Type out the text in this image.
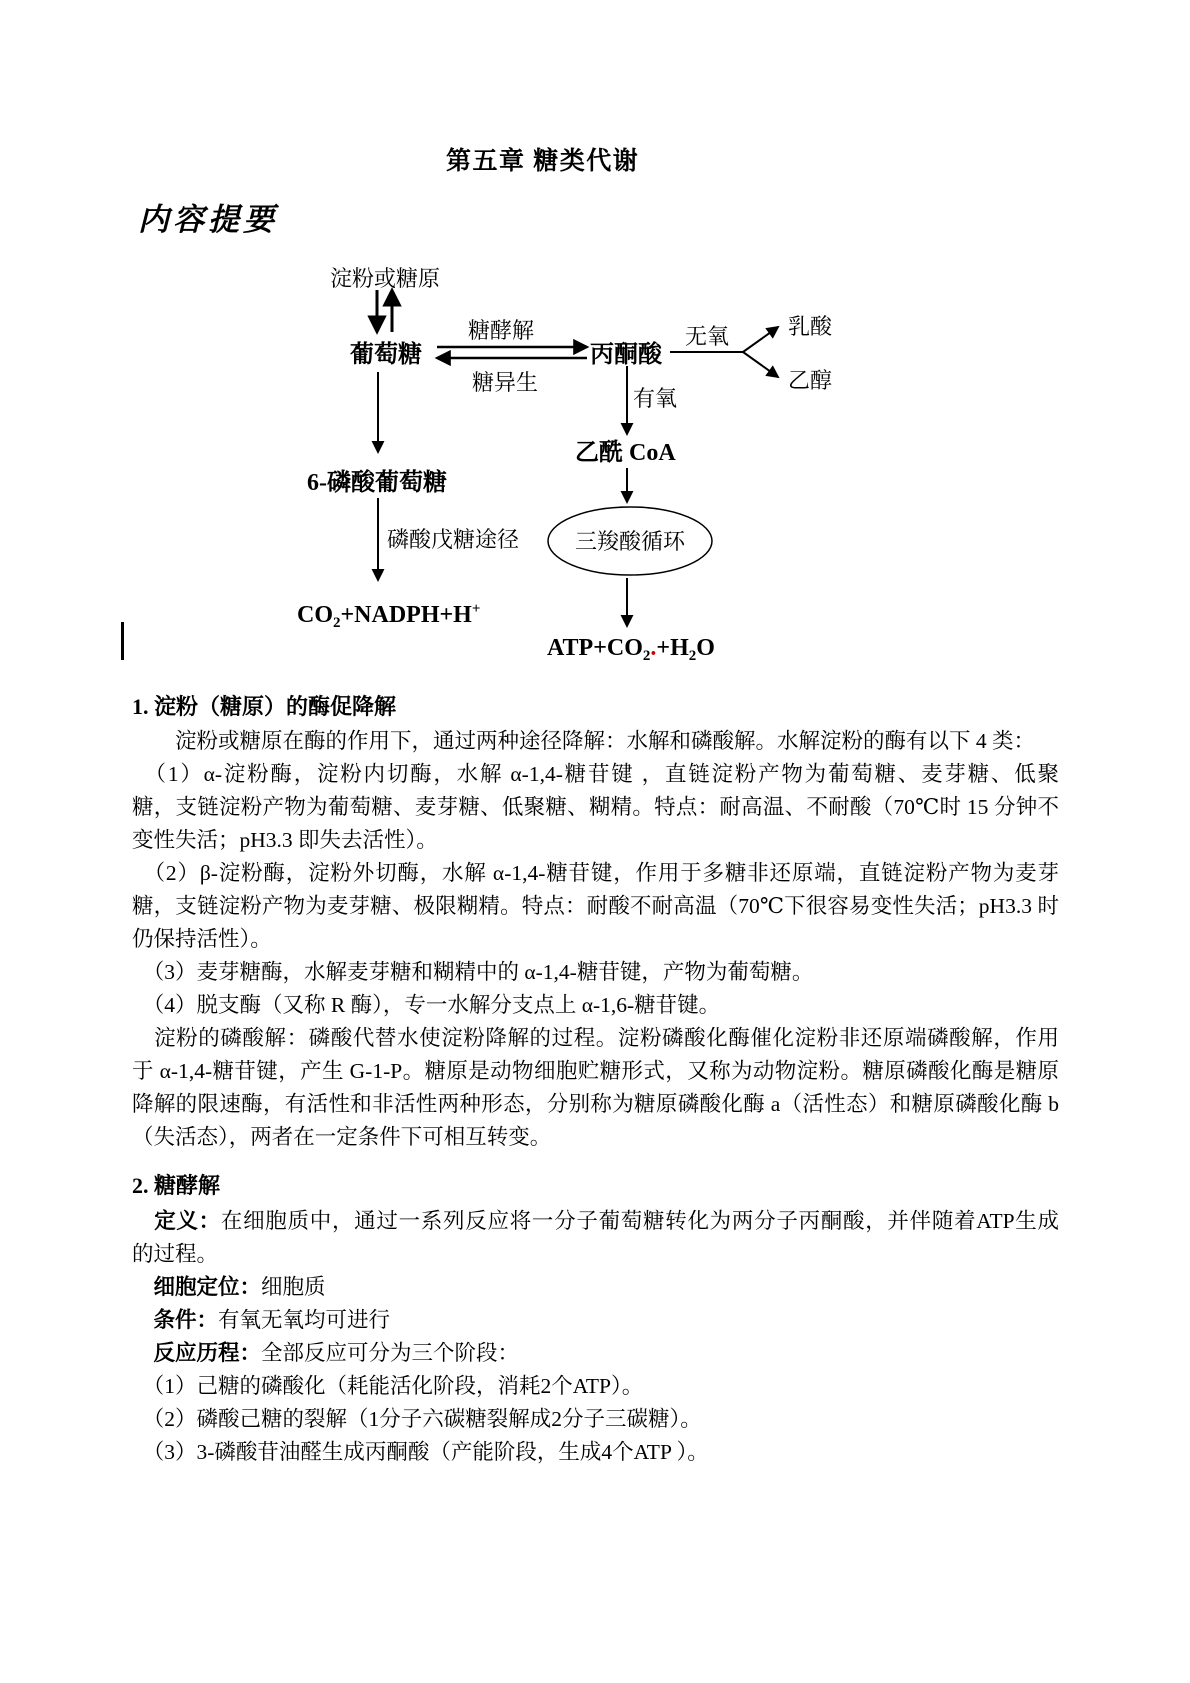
第五章 糖类代谢
内容提要
淀粉或糖原
葡萄糖	丙酮酸
乳酸
乙醇
乙酰 CoA
三羧酸循环
6-磷酸葡萄糖
糖酵解
糖异生
无氧
有氧
磷酸戊糖途径
$CO_2+NADPH+H^+$
$ATP+CO_2.+H_2O$
1. 淀粉（糖原）的酶促降解
　　淀粉或糖原在酶的作用下，通过两种途径降解：水解和磷酸解。水解淀粉的酶有以下 4 类：
　（1）α-淀粉酶，淀粉内切酶，水解 α-1,4-糖苷键 ，直链淀粉产物为葡萄糖、麦芽糖、低聚
糖，支链淀粉产物为葡萄糖、麦芽糖、低聚糖、糊精。特点：耐高温、不耐酸（70℃时 15 分钟不
变性失活；pH3.3 即失去活性）。
　（2）β-淀粉酶，淀粉外切酶，水解 α-1,4-糖苷键，作用于多糖非还原端，直链淀粉产物为麦芽
糖，支链淀粉产物为麦芽糖、极限糊精。特点：耐酸不耐高温（70℃下很容易变性失活；pH3.3 时
仍保持活性）。
　（3）麦芽糖酶，水解麦芽糖和糊精中的 α-1,4-糖苷键，产物为葡萄糖。
　（4）脱支酶（又称 R 酶），专一水解分支点上 α-1,6-糖苷键。
　淀粉的磷酸解：磷酸代替水使淀粉降解的过程。淀粉磷酸化酶催化淀粉非还原端磷酸解，作用
于 α-1,4-糖苷键，产生 G-1-P。糖原是动物细胞贮糖形式，又称为动物淀粉。糖原磷酸化酶是糖原
降解的限速酶，有活性和非活性两种形态，分别称为糖原磷酸化酶 a（活性态）和糖原磷酸化酶 b
（失活态），两者在一定条件下可相互转变。
2. 糖酵解
　定义：在细胞质中，通过一系列反应将一分子葡萄糖转化为两分子丙酮酸，并伴随着ATP生成
的过程。
　细胞定位：细胞质
　条件：有氧无氧均可进行
　反应历程：全部反应可分为三个阶段：
　（1）己糖的磷酸化（耗能活化阶段，消耗2个ATP）。
　（2）磷酸己糖的裂解（1分子六碳糖裂解成2分子三碳糖）。
　（3）3-磷酸苷油醛生成丙酮酸（产能阶段，生成4个ATP ）。
